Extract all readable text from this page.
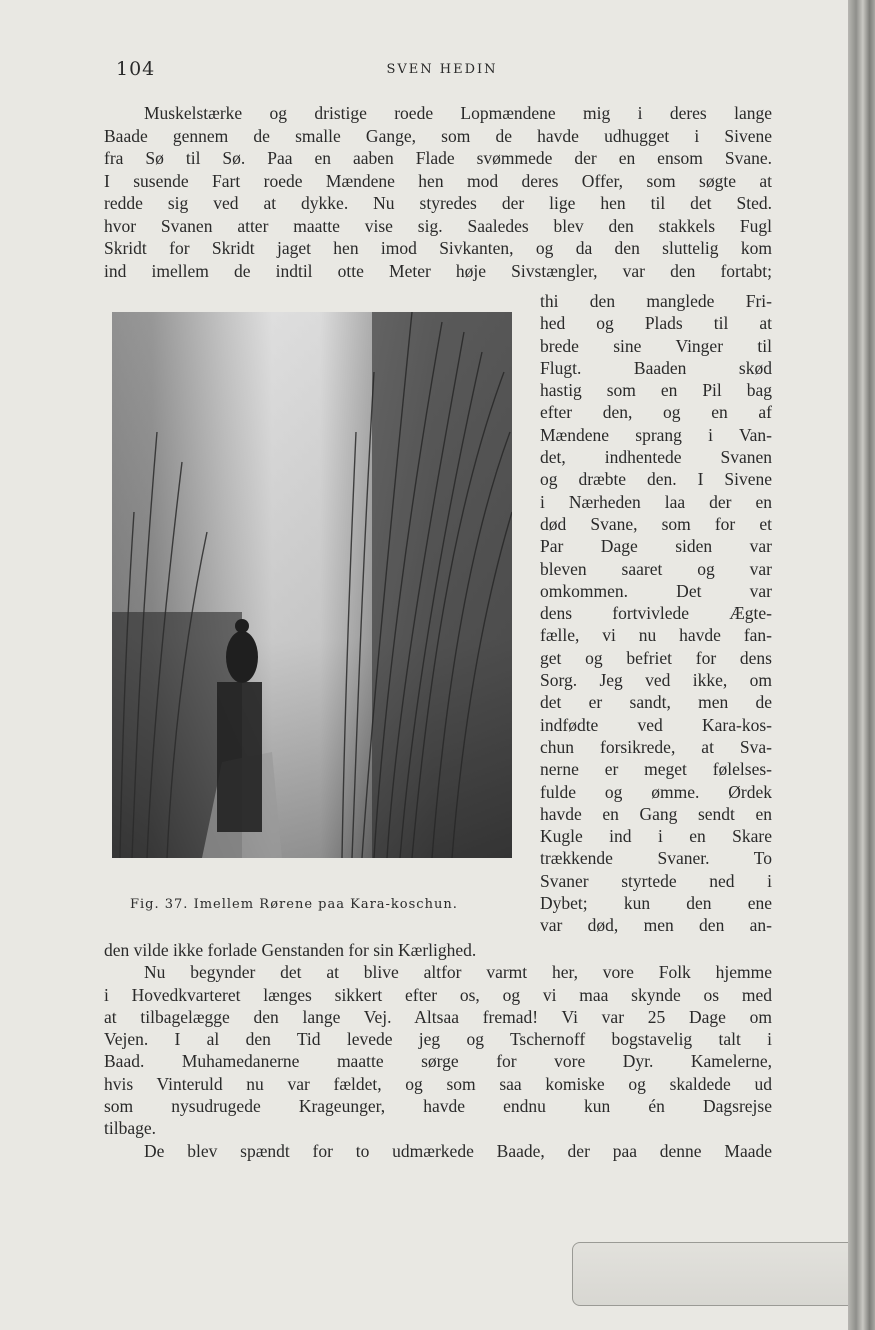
104	SVEN HEDIN
Muskelstærke og dristige roede Lopmændene mig i deres lange
Baade gennem de smalle Gange, som de havde udhugget i Sivene
fra Sø til Sø. Paa en aaben Flade svømmede der en ensom Svane.
I susende Fart roede Mændene hen mod deres Offer, som søgte at
redde sig ved at dykke. Nu styredes der lige hen til det Sted.
hvor Svanen atter maatte vise sig. Saaledes blev den stakkels Fugl
Skridt for Skridt jaget hen imod Sivkanten, og da den sluttelig kom
ind imellem de indtil otte Meter høje Sivstængler, var den fortabt;
Fig. 37. Imellem Rørene paa Kara-koschun.
thi den manglede Fri-
hed og Plads til at
brede sine Vinger til
Flugt. Baaden skød
hastig som en Pil bag
efter den, og en af
Mændene sprang i Van-
det, indhentede Svanen
og dræbte den. I Sivene
i Nærheden laa der en
død Svane, som for et
Par Dage siden var
bleven saaret og var
omkommen. Det var
dens fortvivlede Ægte-
fælle, vi nu havde fan-
get og befriet for dens
Sorg. Jeg ved ikke, om
det er sandt, men de
indfødte ved Kara-kos-
chun forsikrede, at Sva-
nerne er meget følelses-
fulde og ømme. Ørdek
havde en Gang sendt en
Kugle ind i en Skare
trækkende Svaner. To
Svaner styrtede ned i
Dybet; kun den ene
var død, men den an-
den vilde ikke forlade Genstanden for sin Kærlighed.
Nu begynder det at blive altfor varmt her, vore Folk hjemme
i Hovedkvarteret længes sikkert efter os, og vi maa skynde os med
at tilbagelægge den lange Vej. Altsaa fremad! Vi var 25 Dage om
Vejen. I al den Tid levede jeg og Tschernoff bogstavelig talt i
Baad. Muhamedanerne maatte sørge for vore Dyr. Kamelerne,
hvis Vinteruld nu var fældet, og som saa komiske og skaldede ud
som nysudrugede Krageunger, havde endnu kun én Dagsrejse
tilbage.
De blev spændt for to udmærkede Baade, der paa denne Maade
